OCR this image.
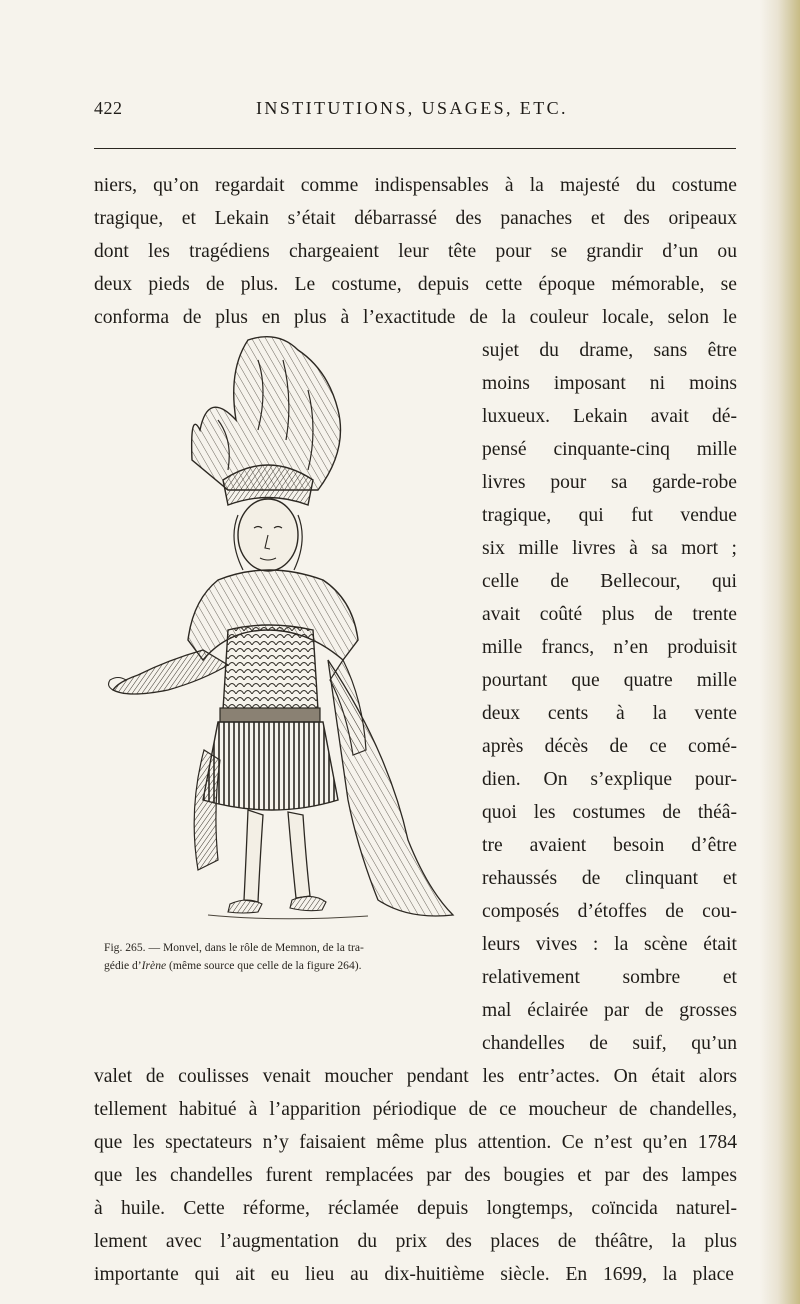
422	INSTITUTIONS, USAGES, ETC.
niers, qu’on regardait comme indispensables à la majesté du costume
tragique, et Lekain s’était débarrassé des panaches et des oripeaux
dont les tragédiens chargeaient leur tête pour se grandir d’un ou
deux pieds de plus. Le costume, depuis cette époque mémorable, se
conforma de plus en plus à l’exactitude de la couleur locale, selon le
sujet du drame, sans être
moins imposant ni moins
luxueux. Lekain avait dé-
pensé cinquante-cinq mille
livres pour sa garde-robe
tragique, qui fut vendue
six mille livres à sa mort ;
celle de Bellecour, qui
avait coûté plus de trente
mille francs, n’en produisit
pourtant que quatre mille
deux cents à la vente
après décès de ce comé-
dien. On s’explique pour-
quoi les costumes de théâ-
tre avaient besoin d’être
rehaussés de clinquant et
composés d’étoffes de cou-
leurs vives : la scène était
relativement sombre et
mal éclairée par de grosses
chandelles de suif, qu’un
valet de coulisses venait moucher pendant les entr’actes. On était alors
tellement habitué à l’apparition périodique de ce moucheur de chandelles,
que les spectateurs n’y faisaient même plus attention. Ce n’est qu’en 1784
que les chandelles furent remplacées par des bougies et par des lampes
à huile. Cette réforme, réclamée depuis longtemps, coïncida naturel-
lement avec l’augmentation du prix des places de théâtre, la plus
importante qui ait eu lieu au dix-huitième siècle. En 1699, la place
Fig. 265. — Monvel, dans le rôle de Memnon, de la tra-
gédie d’Irène (même source que celle de la figure 264).
